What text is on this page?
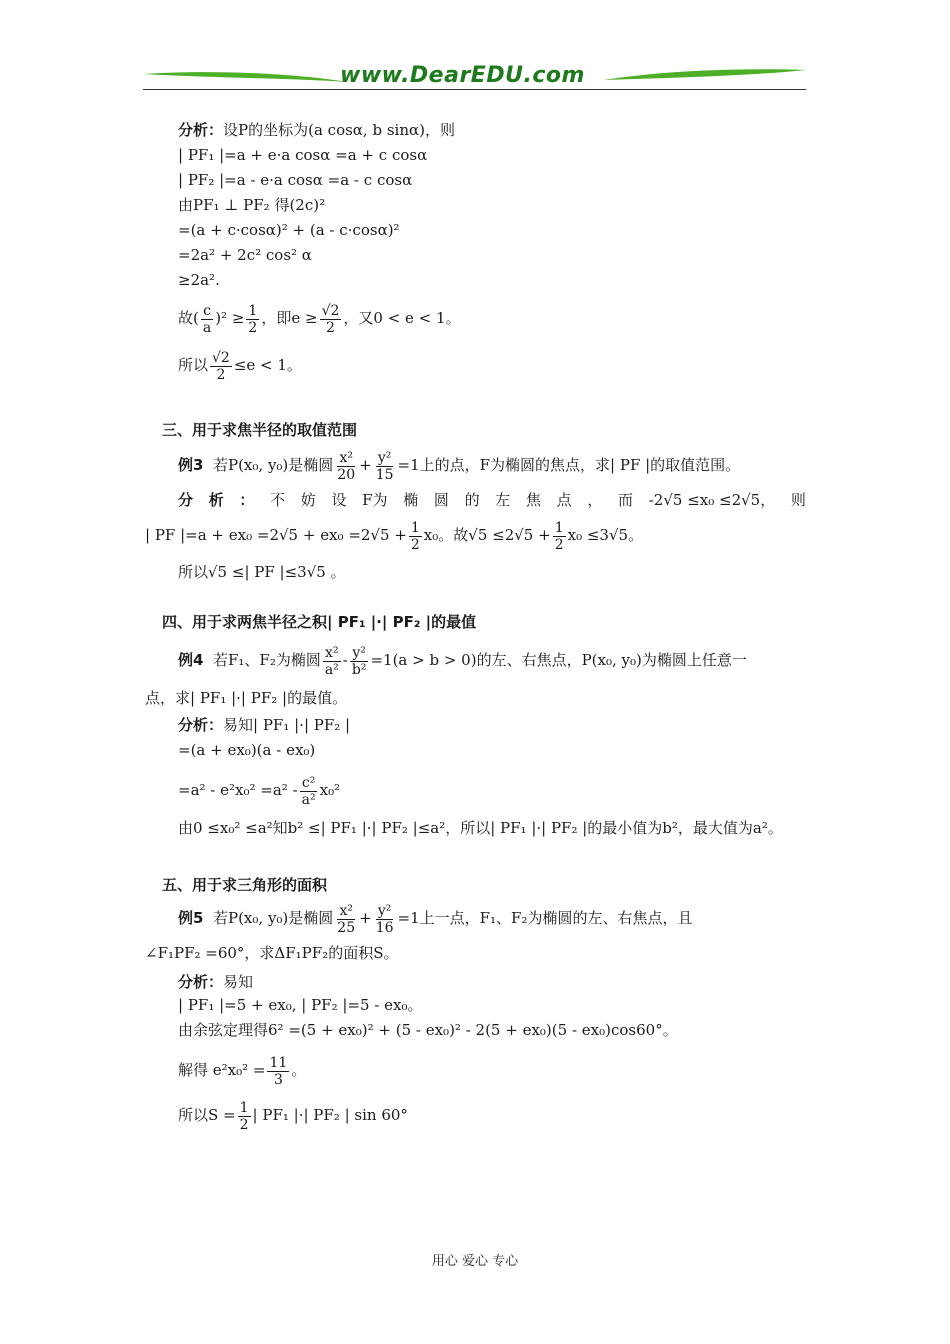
www.DearEDU.com
分析：设P的坐标为(a cosα, b sinα)，则
| PF₁ |=a + e·a cosα =a + c cosα
| PF₂ |=a - e·a cosα =a - c cosα
由PF₁ ⊥ PF₂ 得(2c)²
=(a + c·cosα)² + (a - c·cosα)²
=2a² + 2c² cos² α
≥2a².
故( $\frac{c}{a} )^2 \ge \frac{1}{2}$ ，即$e \ge \frac{√2}{2}$ ，又0 < e < 1。
所以 $\frac{√2}{2} \le e < 1$。
三、用于求焦半径的取值范围
例3 若P(x₀, y₀)是椭圆 $\frac{\text{x²}}{20} + \frac{\text{y²}}{15} =1$上的点，F为椭圆的焦点，求| PF |的取值范围。
分 析 ： 不 妨 设 F为 椭 圆 的 左 焦 点 ， 而 -2√5 ≤x₀ ≤2√5， 则
| PF $|=a + ex_0 =2√5 + ex_0 =2√5 + \frac{1}{2} x_0$。故$√5 \le 2√5 + \frac{1}{2} x_0 \le 3√5$。
所以√5 ≤| PF |≤3√5 。
四、用于求两焦半径之积| PF₁ |·| PF₂ |的最值
例4 若F₁、F₂为椭圆 $\frac{\text{x²}}{\text{a²}} - \frac{\text{y²}}{\text{b²}} =1(a > b > 0)$的左、右焦点，P(x₀, y₀)为椭圆上任意一
点，求| PF₁ |·| PF₂ |的最值。
分析：易知| PF₁ |·| PF₂ |
=(a + ex₀)(a - ex₀)
$=a^2 - e^2x_0^2 =a^2 - \frac{\text{c²}}{\text{a²}} x_0^2$
由0 ≤x₀² ≤a²知b² ≤| PF₁ |·| PF₂ |≤a²，所以| PF₁ |·| PF₂ |的最小值为b²，最大值为a²。
五、用于求三角形的面积
例5 若P(x₀, y₀)是椭圆 $\frac{\text{x²}}{25} + \frac{\text{y²}}{16} =1$上一点，F₁、F₂为椭圆的左、右焦点，且
∠F₁PF₂ =60°，求ΔF₁PF₂的面积S。
分析：易知
| PF₁ |=5 + ex₀, | PF₂ |=5 - ex₀。
由余弦定理得6² =(5 + ex₀)² + (5 - ex₀)² - 2(5 + ex₀)(5 - ex₀)cos60°。
解得 $e^2x_0^2 = \frac{11}{3}$ 。
所以$S = \frac{1}{2}$ | PF₁ |·| PF₂ | sin 60°
用心 爱心 专心
